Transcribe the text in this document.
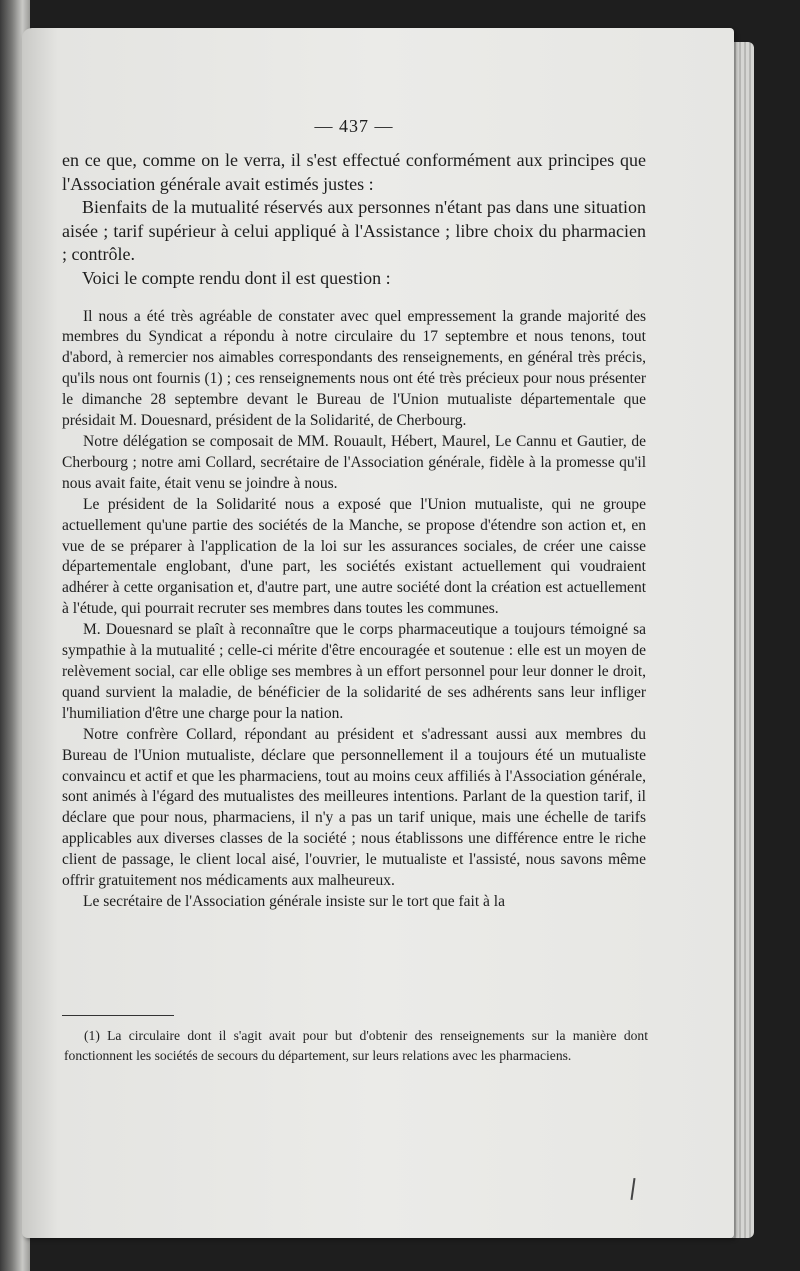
— 437 —

en ce que, comme on le verra, il s'est effectué conformément aux principes que l'Association générale avait estimés justes :

Bienfaits de la mutualité réservés aux personnes n'étant pas dans une situation aisée ; tarif supérieur à celui appliqué à l'Assistance ; libre choix du pharmacien ; contrôle.

Voici le compte rendu dont il est question :

Il nous a été très agréable de constater avec quel empressement la grande majorité des membres du Syndicat a répondu à notre circulaire du 17 septembre et nous tenons, tout d'abord, à remercier nos aimables correspondants des renseignements, en général très précis, qu'ils nous ont fournis (1) ; ces renseignements nous ont été très précieux pour nous présenter le dimanche 28 septembre devant le Bureau de l'Union mutualiste départementale que présidait M. Douesnard, président de la Solidarité, de Cherbourg.

Notre délégation se composait de MM. Rouault, Hébert, Maurel, Le Cannu et Gautier, de Cherbourg ; notre ami Collard, secrétaire de l'Association générale, fidèle à la promesse qu'il nous avait faite, était venu se joindre à nous.

Le président de la Solidarité nous a exposé que l'Union mutualiste, qui ne groupe actuellement qu'une partie des sociétés de la Manche, se propose d'étendre son action et, en vue de se préparer à l'application de la loi sur les assurances sociales, de créer une caisse départementale englobant, d'une part, les sociétés existant actuellement qui voudraient adhérer à cette organisation et, d'autre part, une autre société dont la création est actuellement à l'étude, qui pourrait recruter ses membres dans toutes les communes.

M. Douesnard se plaît à reconnaître que le corps pharmaceutique a toujours témoigné sa sympathie à la mutualité ; celle-ci mérite d'être encouragée et soutenue : elle est un moyen de relèvement social, car elle oblige ses membres à un effort personnel pour leur donner le droit, quand survient la maladie, de bénéficier de la solidarité de ses adhérents sans leur infliger l'humiliation d'être une charge pour la nation.

Notre confrère Collard, répondant au président et s'adressant aussi aux membres du Bureau de l'Union mutualiste, déclare que personnellement il a toujours été un mutualiste convaincu et actif et que les pharmaciens, tout au moins ceux affiliés à l'Association générale, sont animés à l'égard des mutualistes des meilleures intentions. Parlant de la question tarif, il déclare que pour nous, pharmaciens, il n'y a pas un tarif unique, mais une échelle de tarifs applicables aux diverses classes de la société ; nous établissons une différence entre le riche client de passage, le client local aisé, l'ouvrier, le mutualiste et l'assisté, nous savons même offrir gratuitement nos médicaments aux malheureux.

Le secrétaire de l'Association générale insiste sur le tort que fait à la

(1) La circulaire dont il s'agit avait pour but d'obtenir des renseignements sur la manière dont fonctionnent les sociétés de secours du département, sur leurs relations avec les pharmaciens.
